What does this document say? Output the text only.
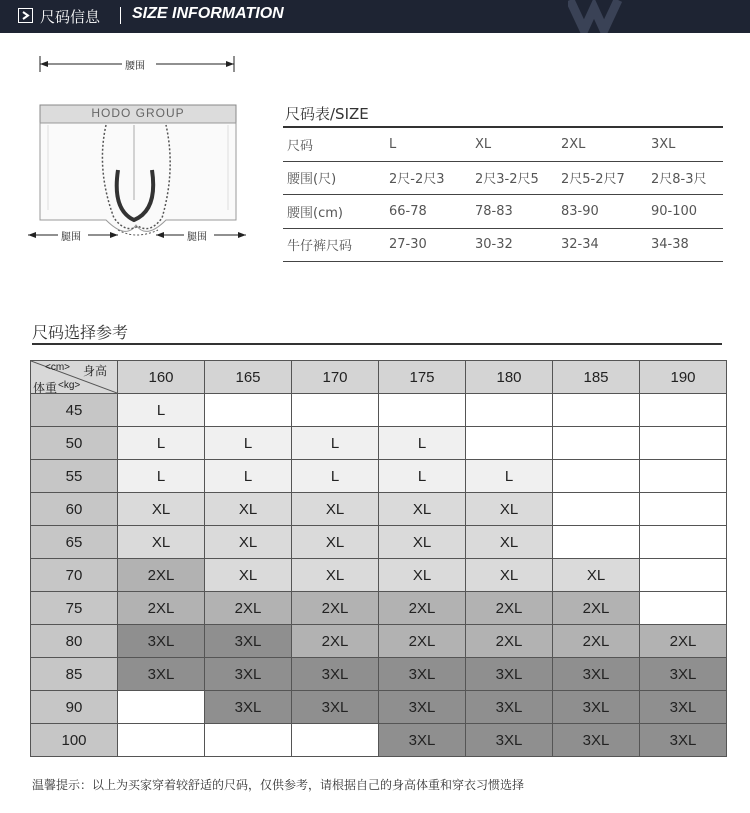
尺码信息 SIZE INFORMATION
腰围
HODO GROUP
腿围	腿围
尺码表/SIZE
尺码	L	XL	2XL	3XL
腰围(尺)	2尺-2尺3	2尺3-2尺5	2尺5-2尺7	2尺8-3尺
腰围(cm)	66-78	78-83	83-90	90-100
牛仔裤尺码	27-30	30-32	32-34	34-38
尺码选择参考
<cm> 身高
体重 <kg>	160	165	170	175	180	185	190
45	L						
50	L	L	L	L			
55	L	L	L	L	L		
60	XL	XL	XL	XL	XL		
65	XL	XL	XL	XL	XL		
70	2XL	XL	XL	XL	XL	XL	
75	2XL	2XL	2XL	2XL	2XL	2XL	
80	3XL	3XL	2XL	2XL	2XL	2XL	2XL
85	3XL	3XL	3XL	3XL	3XL	3XL	3XL
90		3XL	3XL	3XL	3XL	3XL	3XL
100				3XL	3XL	3XL	3XL
温馨提示：以上为买家穿着较舒适的尺码，仅供参考，请根据自己的身高体重和穿衣习惯选择
